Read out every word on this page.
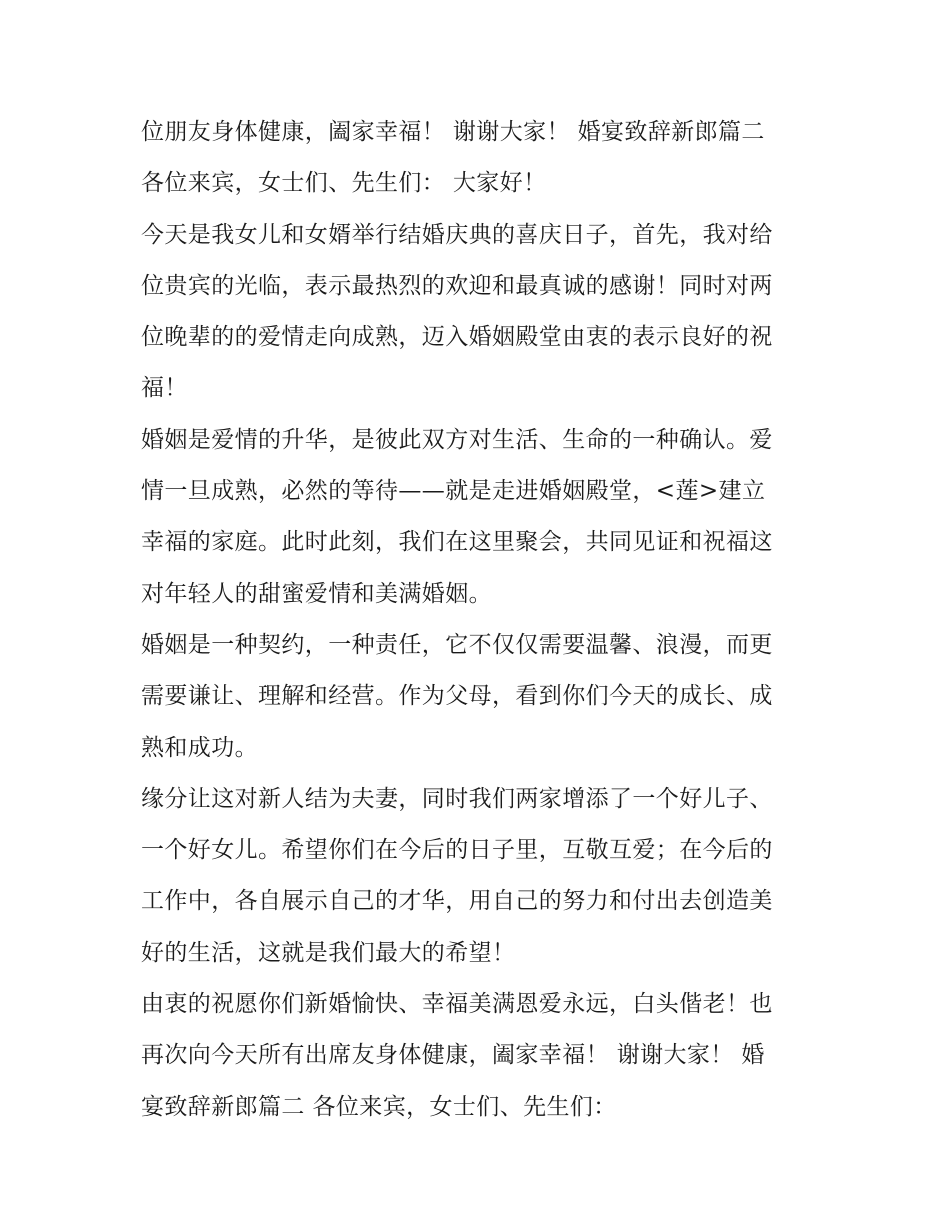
位朋友身体健康，阖家幸福！ 谢谢大家！ 婚宴致辞新郎篇二
各位来宾，女士们、先生们： 大家好！
今天是我女儿和女婿举行结婚庆典的喜庆日子，首先，我对给
位贵宾的光临，表示最热烈的欢迎和最真诚的感谢！同时对两
位晚辈的的爱情走向成熟，迈入婚姻殿堂由衷的表示良好的祝
福！
婚姻是爱情的升华，是彼此双方对生活、生命的一种确认。爱
情一旦成熟，必然的等待——就是走进婚姻殿堂，<莲>建立
幸福的家庭。此时此刻，我们在这里聚会，共同见证和祝福这
对年轻人的甜蜜爱情和美满婚姻。
婚姻是一种契约，一种责任，它不仅仅需要温馨、浪漫，而更
需要谦让、理解和经营。作为父母，看到你们今天的成长、成
熟和成功。
缘分让这对新人结为夫妻，同时我们两家增添了一个好儿子、
一个好女儿。希望你们在今后的日子里，互敬互爱；在今后的
工作中，各自展示自己的才华，用自己的努力和付出去创造美
好的生活，这就是我们最大的希望！
由衷的祝愿你们新婚愉快、幸福美满恩爱永远，白头偕老！也
再次向今天所有出席友身体健康，阖家幸福！ 谢谢大家！ 婚
宴致辞新郎篇二 各位来宾，女士们、先生们：
